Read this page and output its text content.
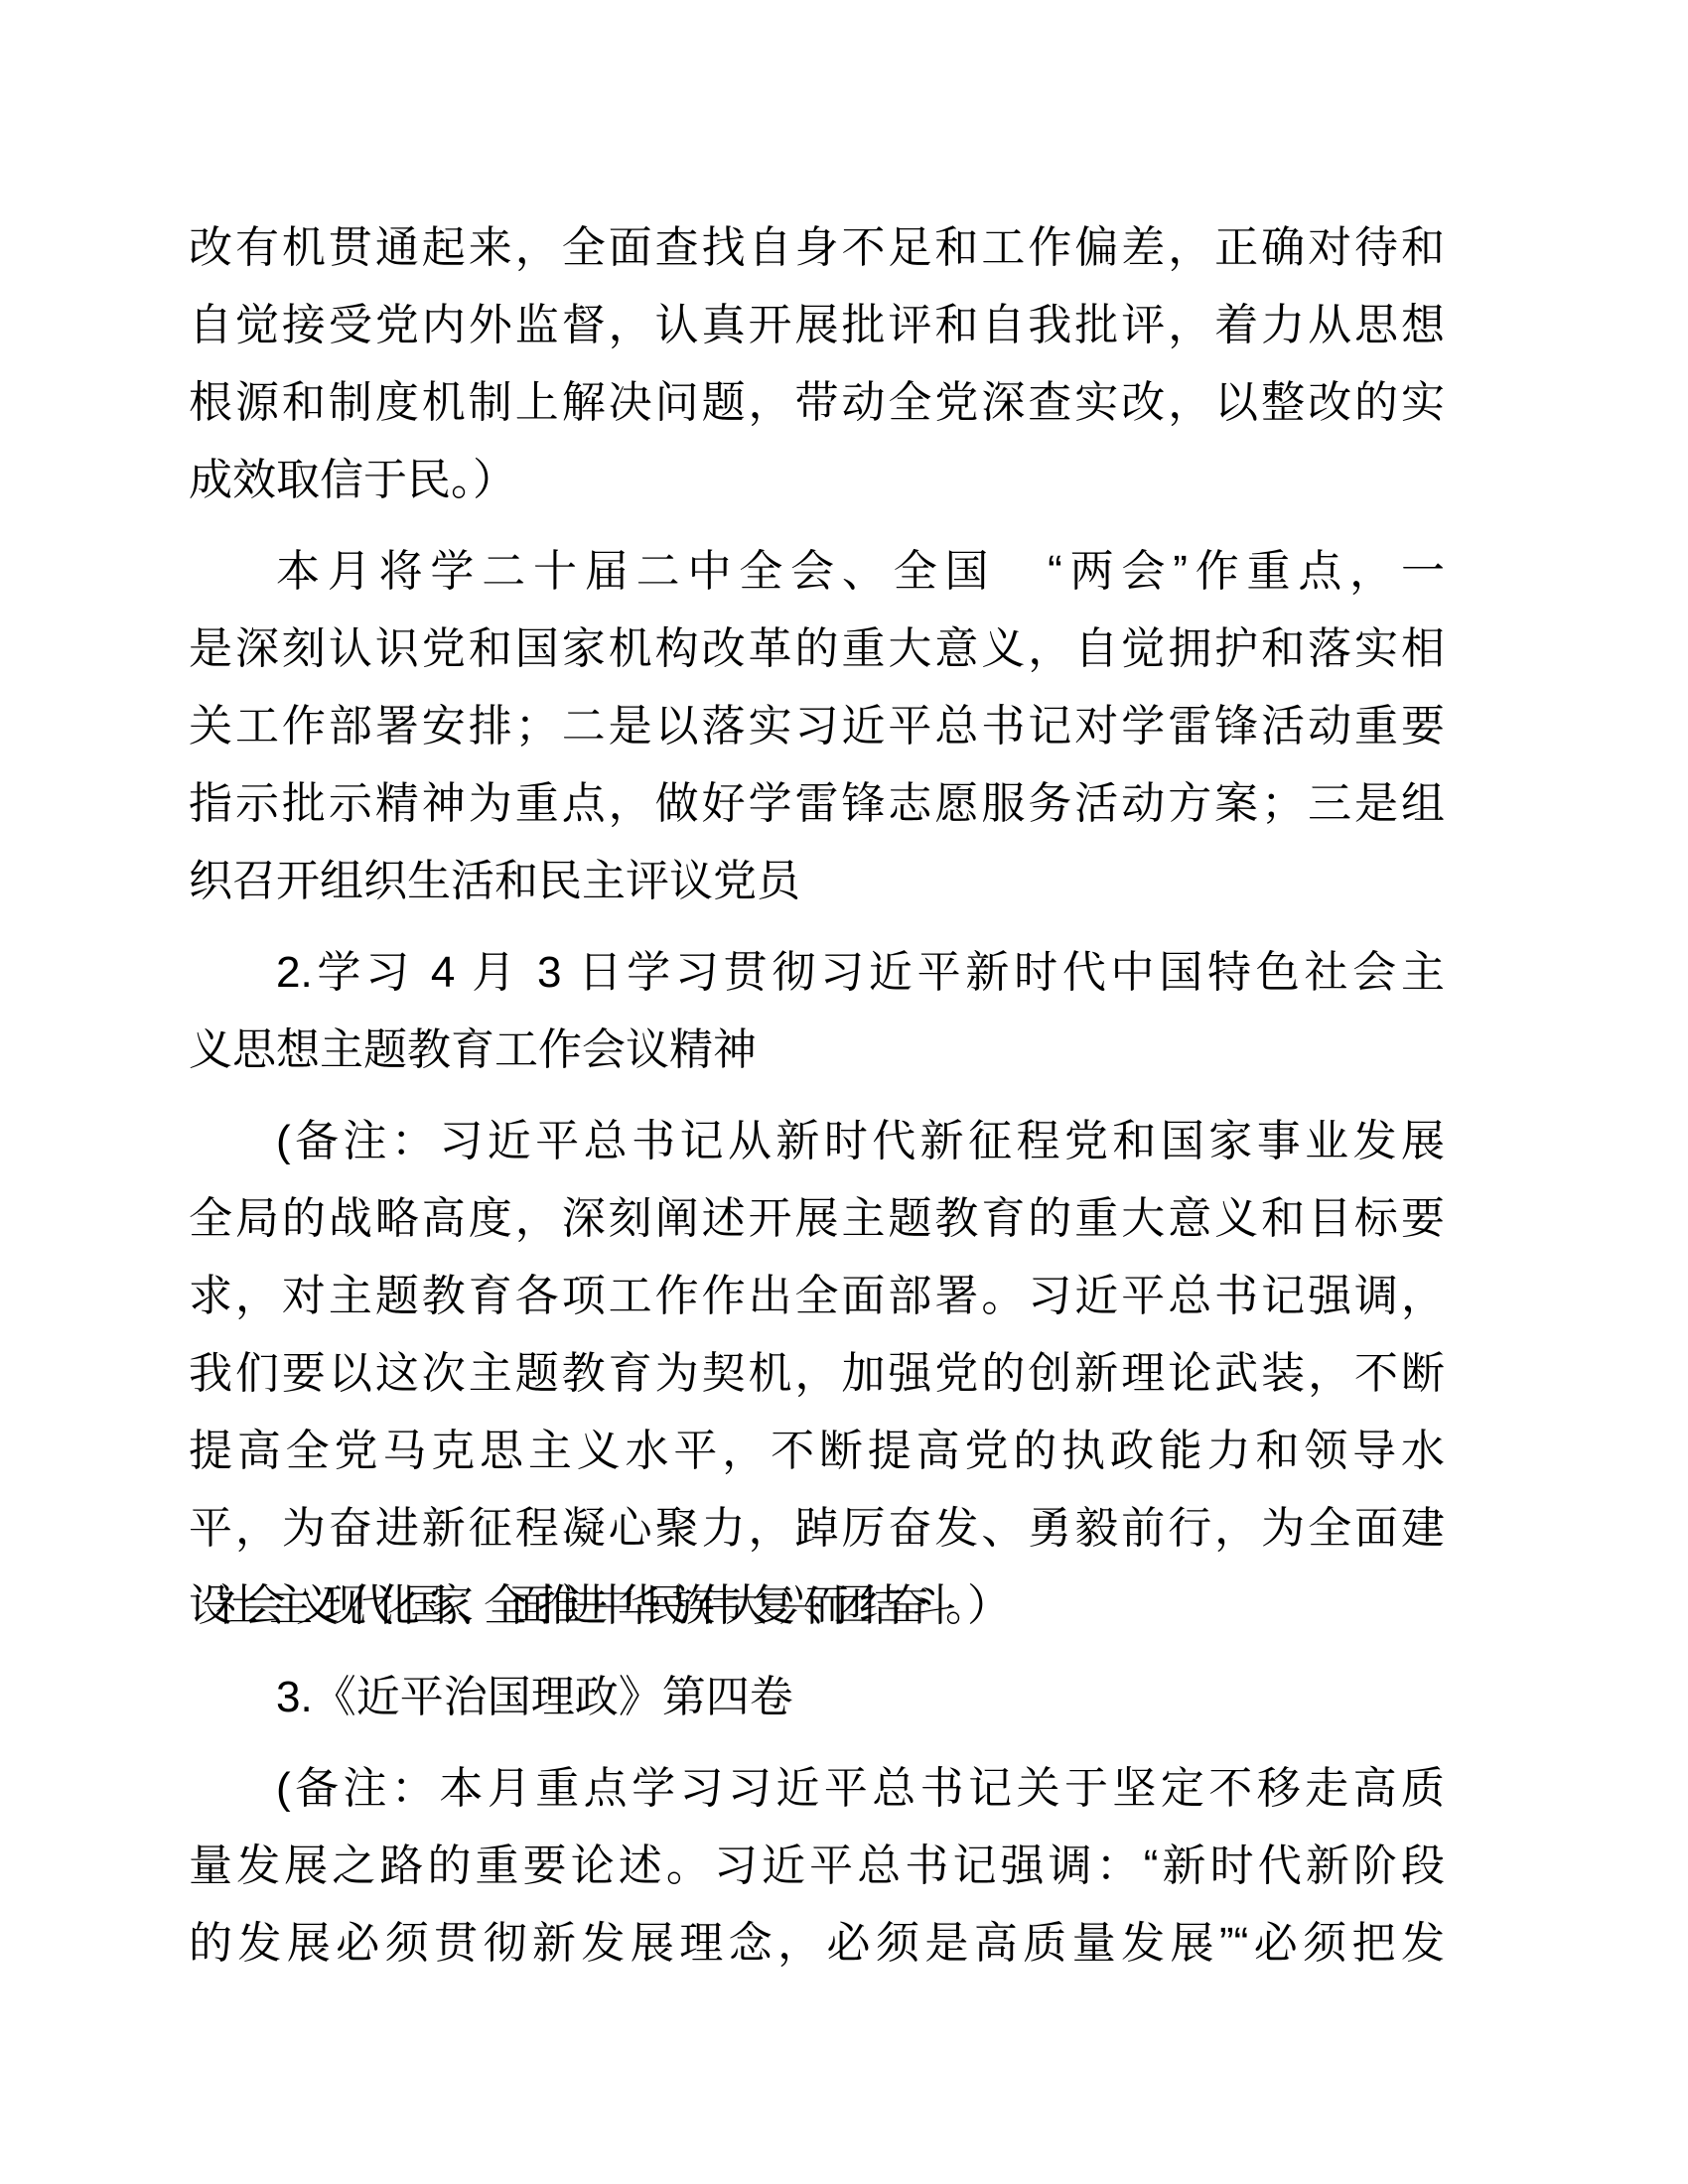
改有机贯通起来，全面查找自身不足和工作偏差，正确对待和
自觉接受党内外监督，认真开展批评和自我批评，着力从思想
根源和制度机制上解决问题，带动全党深查实改，以整改的实
成效取信于民。）
本月将学二十届二中全会、全国　“两会”作重点，一
是深刻认识党和国家机构改革的重大意义，自觉拥护和落实相
关工作部署安排；二是以落实习近平总书记对学雷锋活动重要
指示批示精神为重点，做好学雷锋志愿服务活动方案；三是组
织召开组织生活和民主评议党员
2.学习 4 月 3 日学习贯彻习近平新时代中国特色社会主
义思想主题教育工作会议精神
(备注：习近平总书记从新时代新征程党和国家事业发展
全局的战略高度，深刻阐述开展主题教育的重大意义和目标要
求，对主题教育各项工作作出全面部署。习近平总书记强调，
我们要以这次主题教育为契机，加强党的创新理论武装，不断
提高全党马克思主义水平，不断提高党的执政能力和领导水
平，为奋进新征程凝心聚力，踔厉奋发、勇毅前行，为全面建
设社会主义现代化国家、全面推进中华民族伟大复兴而团结奋斗 。）
3.《近平治国理政》第四卷
(备注：本月重点学习习近平总书记关于坚定不移走高质
量发展之路的重要论述。习近平总书记强调：“新时代新阶段
的发展必须贯彻新发展理念，必须是高质量发展”“必须把发
